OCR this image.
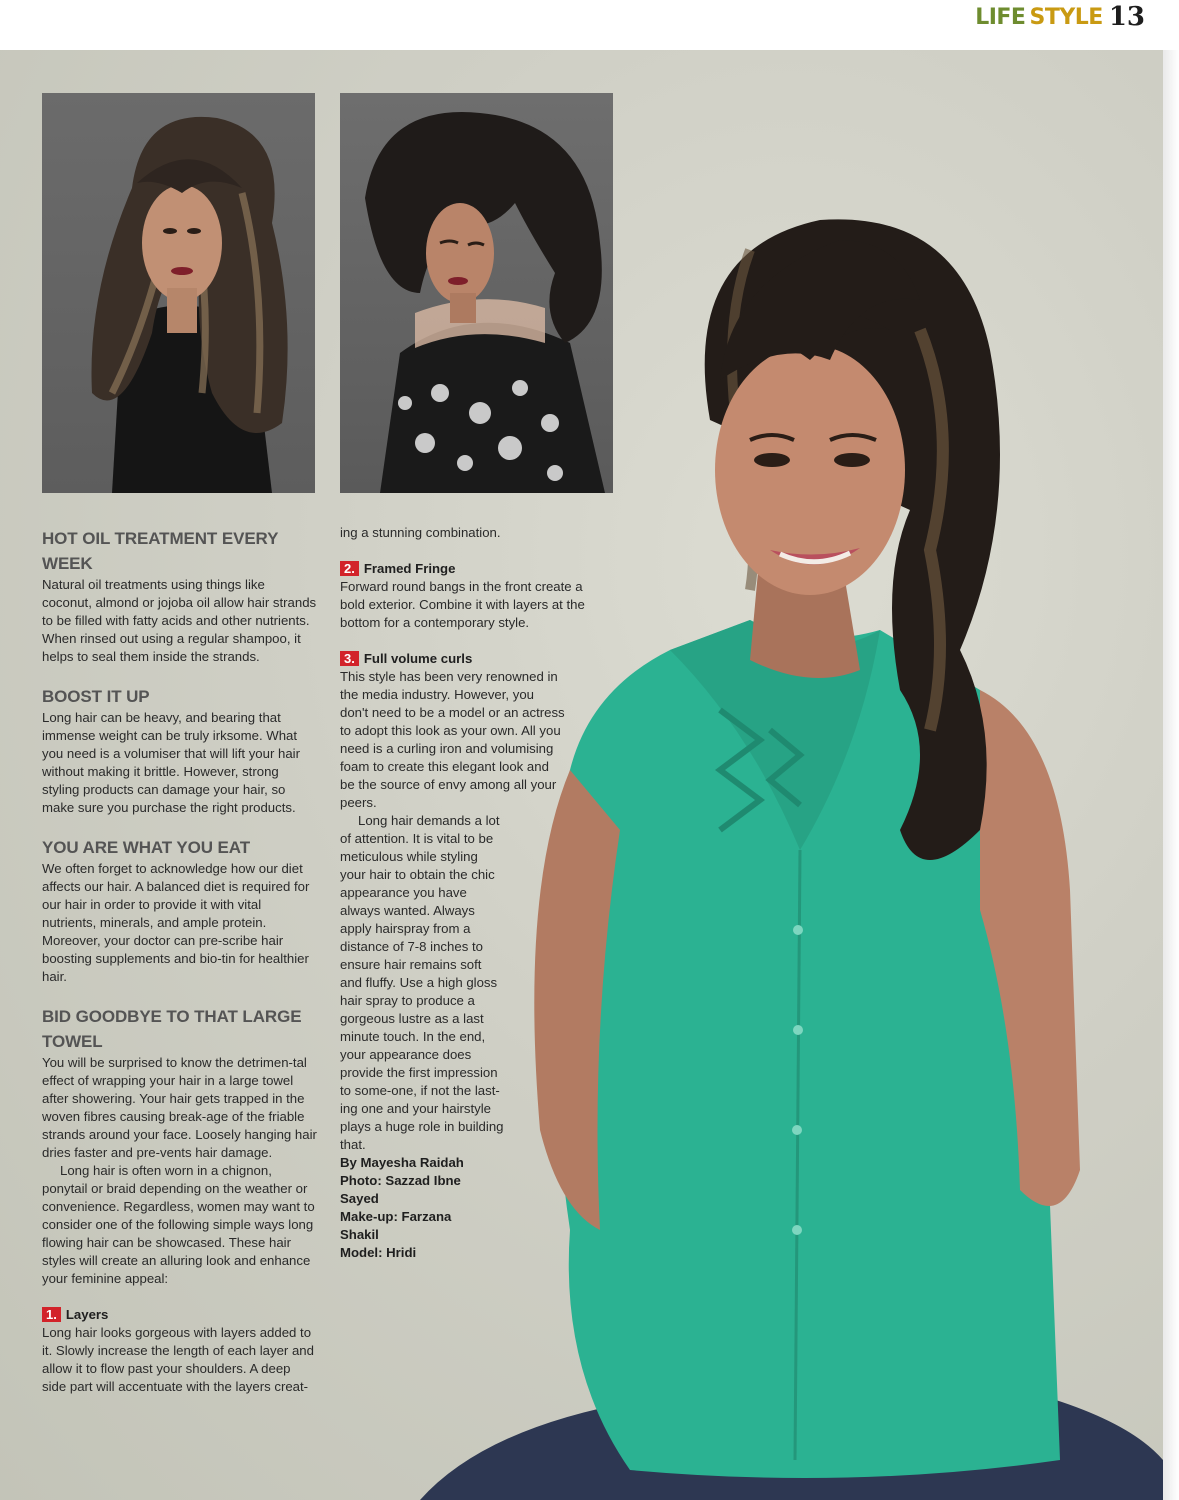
LIFE STYLE 13
HOT OIL TREATMENT EVERY WEEK

Natural oil treatments using things like coconut, almond or jojoba oil allow hair strands to be filled with fatty acids and other nutrients. When rinsed out using a regular shampoo, it helps to seal them inside the strands.

BOOST IT UP

Long hair can be heavy, and bearing that immense weight can be truly irksome. What you need is a volumiser that will lift your hair without making it brittle. However, strong styling products can damage your hair, so make sure you purchase the right products.

YOU ARE WHAT YOU EAT

We often forget to acknowledge how our diet affects our hair. A balanced diet is required for our hair in order to provide it with vital nutrients, minerals, and ample protein. Moreover, your doctor can pre-scribe hair boosting supplements and bio-tin for healthier hair.

BID GOODBYE TO THAT LARGE TOWEL

You will be surprised to know the detrimen-tal effect of wrapping your hair in a large towel after showering. Your hair gets trapped in the woven fibres causing break-age of the friable strands around your face. Loosely hanging hair dries faster and pre-vents hair damage.

Long hair is often worn in a chignon, ponytail or braid depending on the weather or convenience. Regardless, women may want to consider one of the following simple ways long flowing hair can be showcased. These hair styles will create an alluring look and enhance your feminine appeal:

1. Layers

Long hair looks gorgeous with layers added to it. Slowly increase the length of each layer and allow it to flow past your shoulders. A deep side part will accentuate with the layers creat-

ing a stunning combination.

2. Framed Fringe

Forward round bangs in the front create a bold exterior. Combine it with layers at the bottom for a contemporary style.

3. Full volume curls

This style has been very renowned in the media industry. However, you don't need to be a model or an actress to adopt this look as your own. All you need is a curling iron and volumising foam to create this elegant look and be the source of envy among all your peers.

Long hair demands a lot of attention. It is vital to be meticulous while styling your hair to obtain the chic appearance you have always wanted. Always apply hairspray from a distance of 7-8 inches to ensure hair remains soft and fluffy. Use a high gloss hair spray to produce a gorgeous lustre as a last minute touch. In the end, your appearance does provide the first impression to some-one, if not the last-ing one and your hairstyle plays a huge role in building that.

By Mayesha Raidah
Photo: Sazzad Ibne Sayed
Make-up: Farzana Shakil
Model: Hridi
